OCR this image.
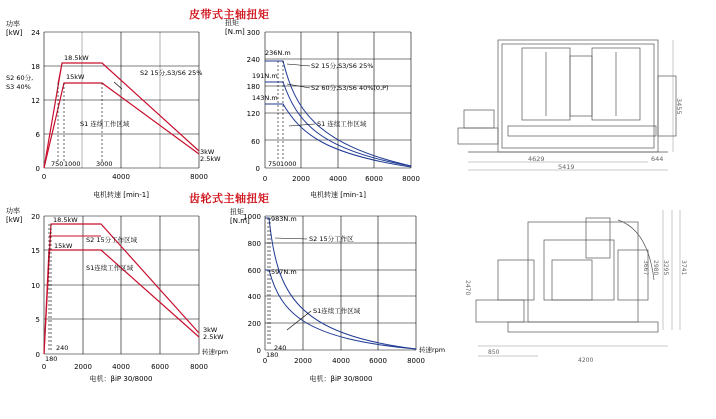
皮带式主轴扭矩
齿轮式主轴扭矩
功率
[kW]
0
6
12
18
24
0	4000	8000
电机转速 [min-1]
18.5kW
S2 60分,
S3 40%
15kW	S2 15分,S3/S6 25%
S1 连续工作区域
3kW
2.5kW
750 1000 3000
扭矩
[N.m]
0
60
120
180
240
300
0	2000	4000	6000	8000
电机转速 [min-1]
236N.m
191N.m
143N.m
S2 15分,S3/S6 25%
S2 60分,S3/S6 40%(0,P)
S1 连续工作区域
750 1000
功率
[kW]
0
5
10
15
20
0	2000	4000	6000	8000
转速rpm
电机：βiP 30/8000
18.5kW
15kW
S2 15分工作区域
S1连续工作区域
3kW
2.5kW
180
240
扭矩
[N.m]
0
200
400
600
800
1000
0	2000	4000	6000	8000
转速rpm
电机：βiP 30/8000
983N.m
597N.m
S2 15分工作区
S1连续工作区域
180
240
3455
4629
5419
644
2470
3667 2980 3295 3741
850
4200
